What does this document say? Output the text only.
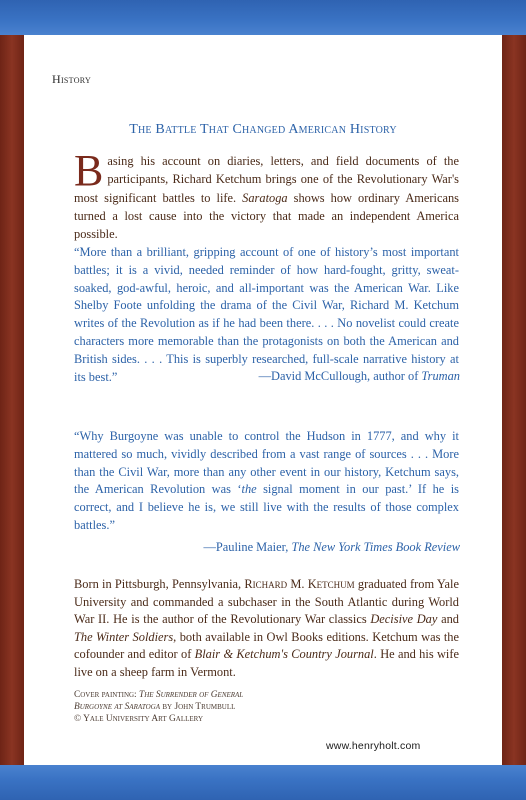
History
The Battle That Changed American History
Basing his account on diaries, letters, and field documents of the participants, Richard Ketchum brings one of the Revolutionary War's most significant battles to life. Saratoga shows how ordinary Americans turned a lost cause into the victory that made an independent America possible.
“More than a brilliant, gripping account of one of history’s most important battles; it is a vivid, needed reminder of how hard-fought, gritty, sweat-soaked, god-awful, heroic, and all-important was the American War. Like Shelby Foote unfolding the drama of the Civil War, Richard M. Ketchum writes of the Revolution as if he had been there. . . . No novelist could create characters more memorable than the protagonists on both the American and British sides. . . . This is superbly researched, full-scale narrative history at its best.”	—David McCullough, author of Truman
“Why Burgoyne was unable to control the Hudson in 1777, and why it mattered so much, vividly described from a vast range of sources . . . More than the Civil War, more than any other event in our history, Ketchum says, the American Revolution was ‘the signal moment in our past.’ If he is correct, and I believe he is, we still live with the results of those complex battles.”
—Pauline Maier, The New York Times Book Review
Born in Pittsburgh, Pennsylvania, Richard M. Ketchum graduated from Yale University and commanded a subchaser in the South Atlantic during World War II. He is the author of the Revolutionary War classics Decisive Day and The Winter Soldiers, both available in Owl Books editions. Ketchum was the cofounder and editor of Blair & Ketchum's Country Journal. He and his wife live on a sheep farm in Vermont.
Cover painting: The Surrender of General
Burgoyne at Saratoga by John Trumbull
© Yale University Art Gallery
www.henryholt.com
